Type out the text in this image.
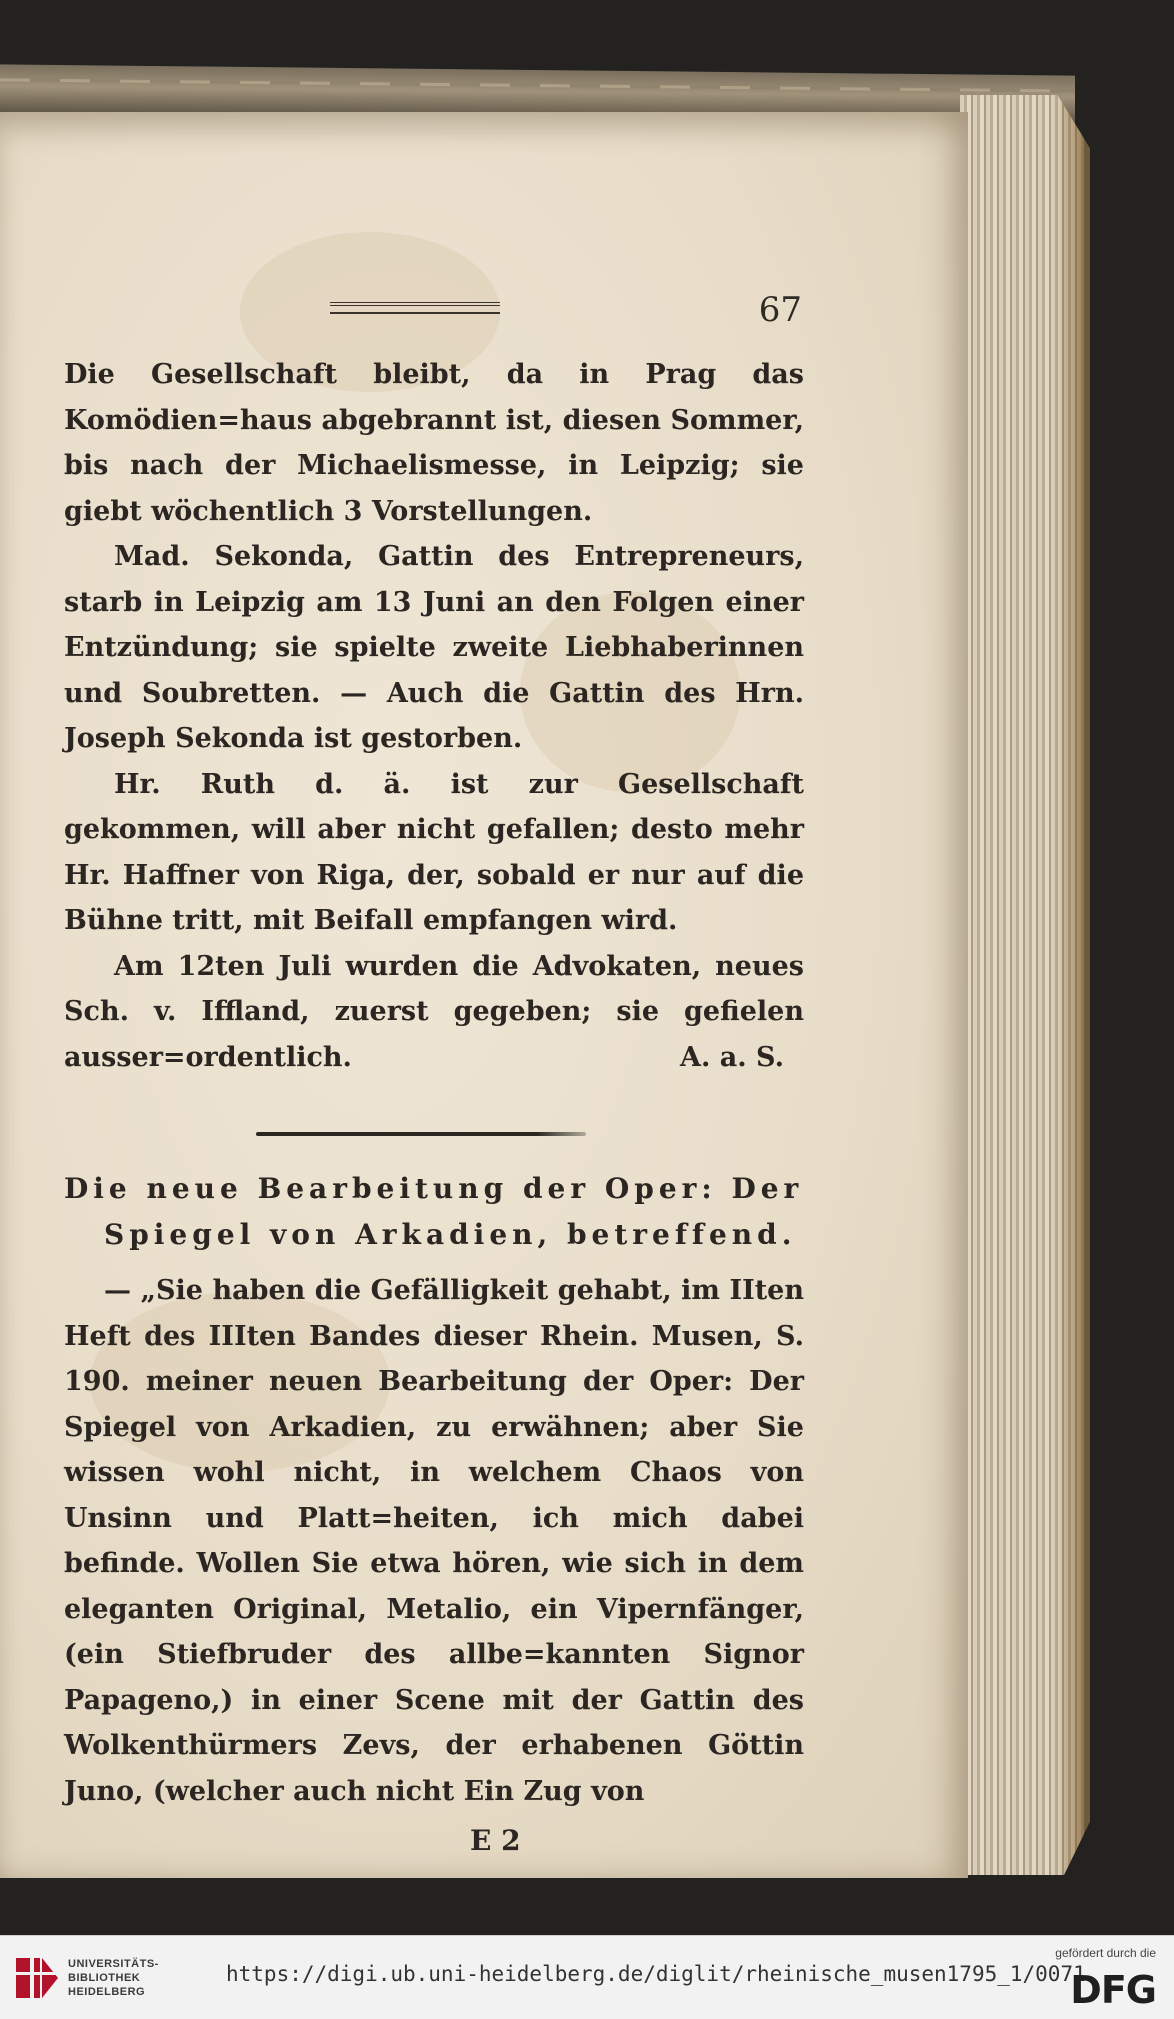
67

Die Gesellschaft bleibt, da in Prag das Komödien=haus abgebrannt ist, diesen Sommer, bis nach der Michaelismesse, in Leipzig; sie giebt wöchentlich 3 Vorstellungen.

Mad. Sekonda, Gattin des Entrepreneurs, starb in Leipzig am 13 Juni an den Folgen einer Entzündung; sie spielte zweite Liebhaberinnen und Soubretten. — Auch die Gattin des Hrn. Joseph Sekonda ist gestorben.

Hr. Ruth d. ä. ist zur Gesellschaft gekommen, will aber nicht gefallen; desto mehr Hr. Haffner von Riga, der, sobald er nur auf die Bühne tritt, mit Beifall empfangen wird.

Am 12ten Juli wurden die Advokaten, neues Sch. v. Iffland, zuerst gegeben; sie gefielen ausser=ordentlich.	A. a. S.

Die neue Bearbeitung der Oper: Der
Spiegel von Arkadien, betreffend.

— „Sie haben die Gefälligkeit gehabt, im IIten Heft des IIIten Bandes dieser Rhein. Musen, S. 190. meiner neuen Bearbeitung der Oper: Der Spiegel von Arkadien, zu erwähnen; aber Sie wissen wohl nicht, in welchem Chaos von Unsinn und Platt=heiten, ich mich dabei befinde. Wollen Sie etwa hören, wie sich in dem eleganten Original, Metalio, ein Vipernfänger, (ein Stiefbruder des allbe=kannten Signor Papageno,) in einer Scene mit der Gattin des Wolkenthürmers Zevs, der erhabenen Göttin Juno, (welcher auch nicht Ein Zug von

E 2
UNIVERSITÄTS-
BIBLIOTHEK
HEIDELBERG
https://digi.ub.uni-heidelberg.de/diglit/rheinische_musen1795_1/0071
gefördert durch die
DFG
